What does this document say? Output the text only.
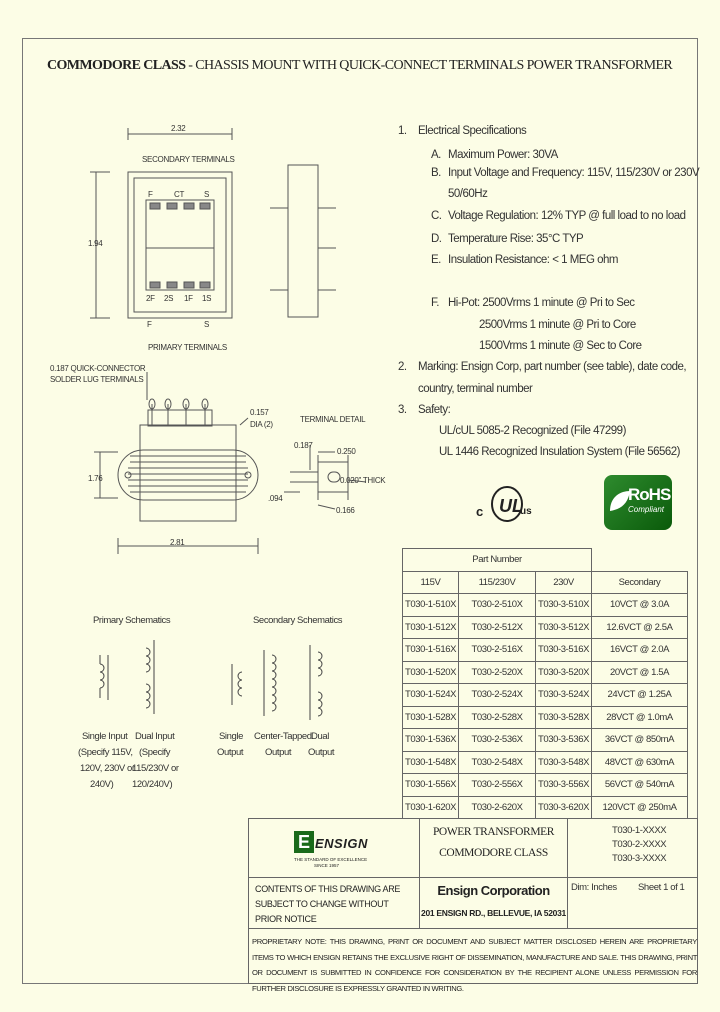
COMMODORE CLASS - CHASSIS MOUNT WITH QUICK-CONNECT TERMINALS POWER TRANSFORMER
2.32
1.94
SECONDARY TERMINALS
PRIMARY TERMINALS
F	CT S
2F 2S 1F 1S
F	S
0.187 QUICK-CONNECTOR
SOLDER LUG TERMINALS
0.157
DIA (2)
1.76
2.81
TERMINAL DETAIL
0.187
0.250
0.020" THICK
.094
0.166
1. Electrical Specifications
A. Maximum Power: 30VA
B. Input Voltage and Frequency: 115V, 115/230V or 230V
50/60Hz
C. Voltage Regulation: 12% TYP @ full load to no load
D. Temperature Rise: 35°C TYP
E. Insulation Resistance: < 1 MEG ohm
F. Hi-Pot: 2500Vrms 1 minute @ Pri to Sec
2500Vrms 1 minute @ Pri to Core
1500Vrms 1 minute @ Sec to Core
2. Marking: Ensign Corp, part number (see table), date code,
country, terminal number
3. Safety:
UL/cUL 5085-2 Recognized (File 47299)
UL 1446 Recognized Insulation System (File 56562)
UL
c	us
RoHS
Compliant
Part Number			
115V	115/230V	230V	Secondary
T030-1-510X	T030-2-510X	T030-3-510X	10VCT @ 3.0A
T030-1-512X	T030-2-512X	T030-3-512X	12.6VCT @ 2.5A
T030-1-516X	T030-2-516X	T030-3-516X	16VCT @ 2.0A
T030-1-520X	T030-2-520X	T030-3-520X	20VCT @ 1.5A
T030-1-524X	T030-2-524X	T030-3-524X	24VCT @ 1.25A
T030-1-528X	T030-2-528X	T030-3-528X	28VCT @ 1.0mA
T030-1-536X	T030-2-536X	T030-3-536X	36VCT @ 850mA
T030-1-548X	T030-2-548X	T030-3-548X	48VCT @ 630mA
T030-1-556X	T030-2-556X	T030-3-556X	56VCT @ 540mA
T030-1-620X	T030-2-620X	T030-3-620X	120VCT @ 250mA
Primary Schematics	Secondary Schematics
Single Input
(Specify 115V,
120V, 230V or
240V)
Dual Input
(Specify
115/230V or
120/240V)
Single
Output
Center-Tapped
Output
Dual
Output
E ENSIGN
THE STANDARD OF EXCELLENCE
SINCE 1957
POWER TRANSFORMER
COMMODORE CLASS
T030-1-XXXX
T030-2-XXXX
T030-3-XXXX
CONTENTS OF THIS DRAWING ARE SUBJECT TO CHANGE WITHOUT PRIOR NOTICE
Ensign Corporation
201 ENSIGN RD., BELLEVUE, IA 52031
Dim: Inches Sheet 1 of 1
PROPRIETARY NOTE: THIS DRAWING, PRINT OR DOCUMENT AND SUBJECT MATTER DISCLOSED HEREIN ARE PROPRIETARY ITEMS TO WHICH ENSIGN RETAINS THE EXCLUSIVE RIGHT OF DISSEMINATION, MANUFACTURE AND SALE. THIS DRAWING, PRINT OR DOCUMENT IS SUBMITTED IN CONFIDENCE FOR CONSIDERATION BY THE RECIPIENT ALONE UNLESS PERMISSION FOR FURTHER DISCLOSURE IS EXPRESSLY GRANTED IN WRITING.
